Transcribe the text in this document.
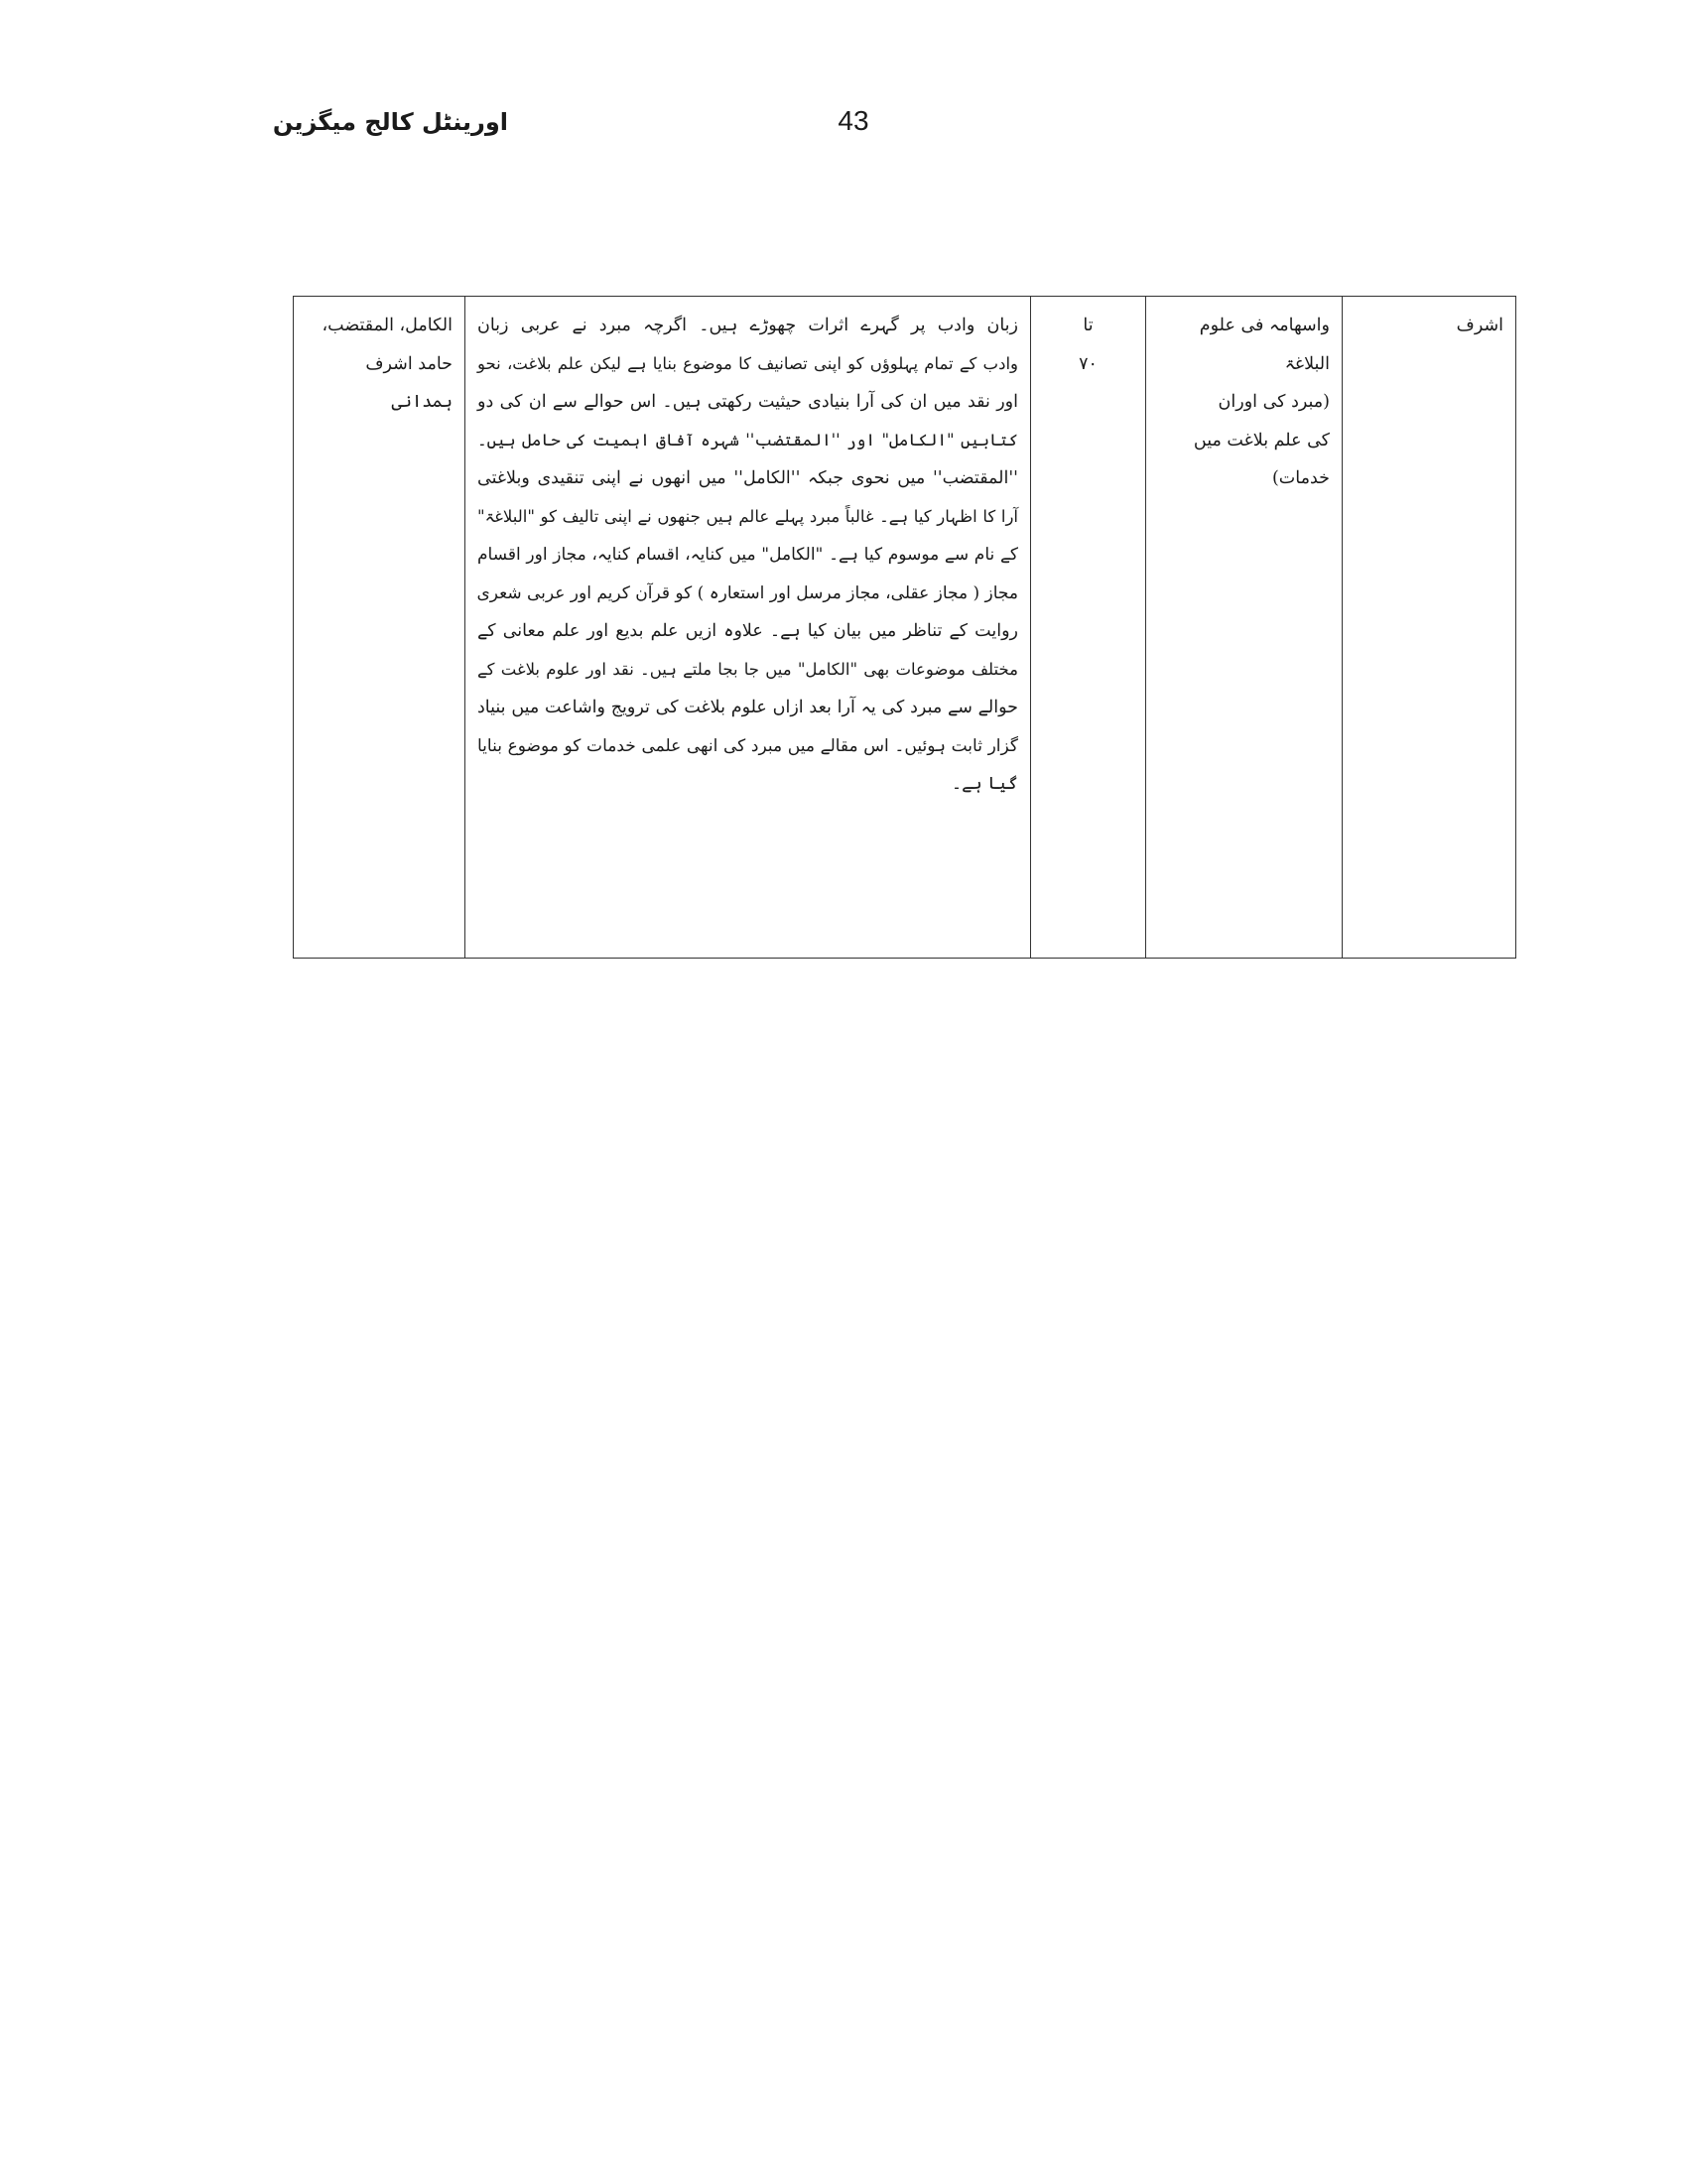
اورینٹل کالج میگزین	43
اشرف

واسھامہ فی علوم
البلاغۃ
(مبرد کی اوران
کی علم بلاغت میں
خدمات)

تا
۷۰

زبان وادب پر گہرے اثرات چھوڑے ہیں۔ اگرچہ مبرد نے عربی زبان
وادب کے تمام پہلوؤں کو اپنی تصانیف کا موضوع بنایا ہے لیکن علم بلاغت، نحو
اور نقد میں ان کی آرا بنیادی حیثیت رکھتی ہیں۔ اس حوالے سے ان کی دو
کتابیں "الکامل" اور ''المقتضب'' شہرہ آفاق اہمیت کی حامل ہیں۔
''المقتضب'' میں نحوی جبکہ ''الکامل'' میں انھوں نے اپنی تنقیدی وبلاغتی
آرا کا اظہار کیا ہے۔ غالباً مبرد پہلے عالم ہیں جنھوں نے اپنی تالیف کو "البلاغۃ"
کے نام سے موسوم کیا ہے۔ "الکامل" میں کنایہ، اقسام کنایہ، مجاز اور اقسام
مجاز ( مجاز عقلی، مجاز مرسل اور استعارہ ) کو قرآن کریم اور عربی شعری
روایت کے تناظر میں بیان کیا ہے۔ علاوہ ازیں علم بدیع اور علم معانی کے
مختلف موضوعات بھی "الکامل" میں جا بجا ملتے ہیں۔ نقد اور علوم بلاغت کے
حوالے سے مبرد کی یہ آرا بعد ازاں علوم بلاغت کی ترویج واشاعت میں بنیاد
گزار ثابت ہوئیں۔ اس مقالے میں مبرد کی انھی علمی خدمات کو موضوع بنایا
گیا ہے۔

الکامل، المقتضب،
حامد اشرف
ہمدانی
